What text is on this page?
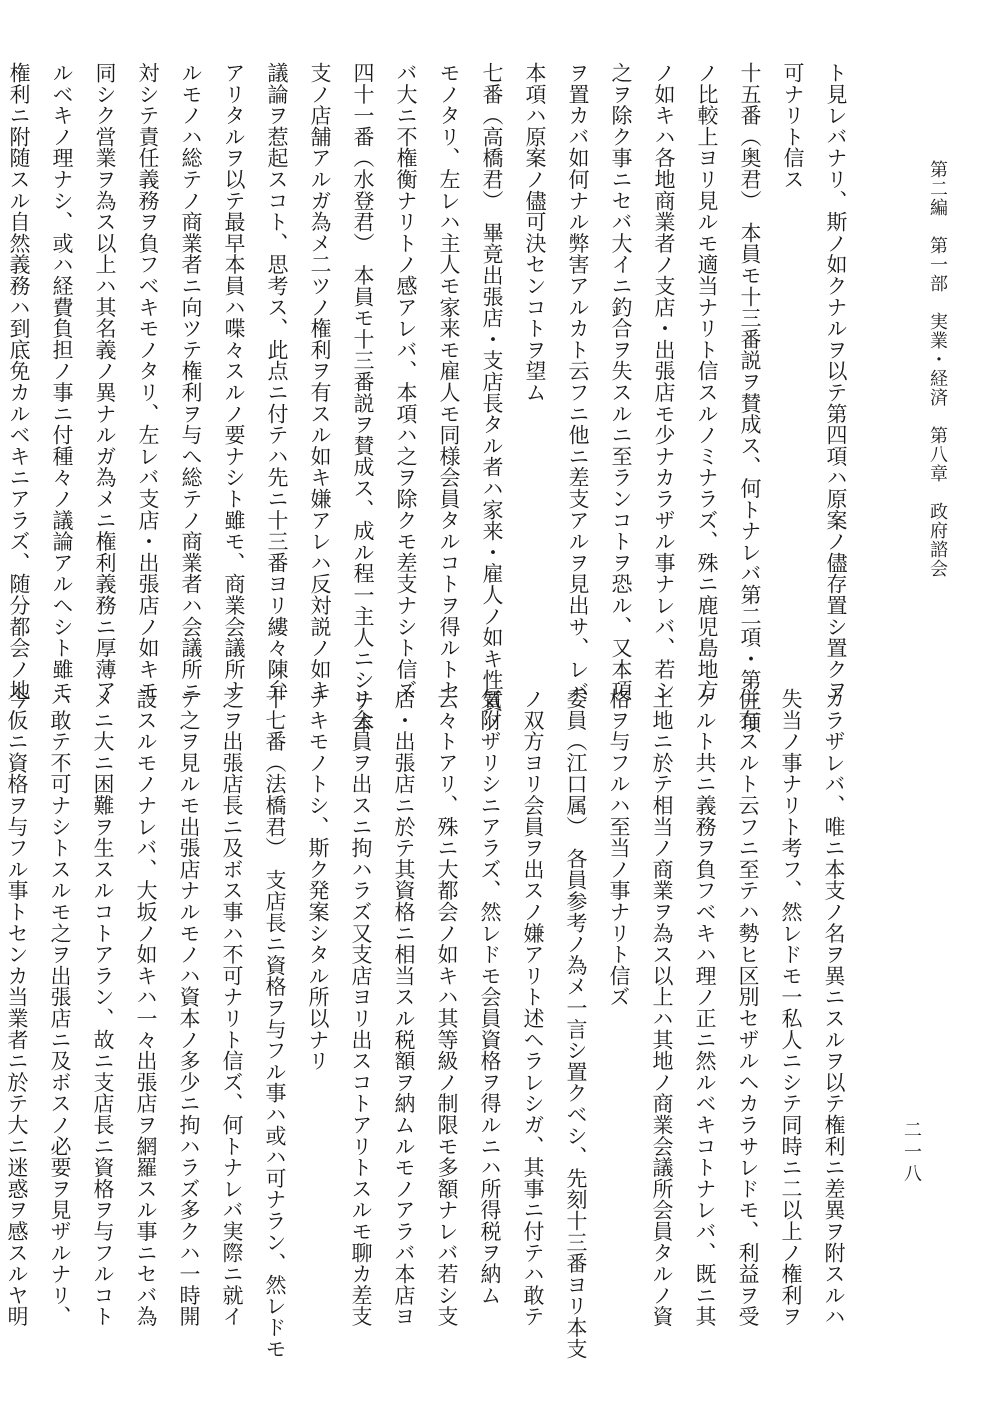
第二編　第一部　実業・経済　第八章　政府諮会
二一八
ト見レバナリ、斯ノ如クナルヲ以テ第四項ハ原案ノ儘存置シ置クヲ
可ナリト信ス
十五番（奥君）　本員モ十三番説ヲ賛成ス、何トナレバ第二項・第三項
ノ比較上ヨリ見ルモ適当ナリト信スルノミナラズ、殊ニ鹿児島地方
ノ如キハ各地商業者ノ支店・出張店モ少ナカラザル事ナレバ、若シ
之ヲ除ク事ニセバ大イニ釣合ヲ失スルニ至ランコトヲ恐ル、又本項
ヲ置カバ如何ナル弊害アルカト云フニ他ニ差支アルヲ見出サ、レバ
本項ハ原案ノ儘可決センコトヲ望ム
七番（高橋君）　畢竟出張店・支店長タル者ハ家来・雇人ノ如キ性質ノ
モノタリ、左レハ主人モ家来モ雇人モ同様会員タルコトヲ得ルトセ
バ大ニ不権衡ナリトノ感アレバ、本項ハ之ヲ除クモ差支ナシト信ズ
四十一番（水登君）　本員モ十三番説ヲ賛成ス、成ル程一主人ニシテ本
支ノ店舗アルガ為メ二ツノ権利ヲ有スル如キ嫌アレハ反対説ノ如キ
議論ヲ惹起スコト、思考ス、此点ニ付テハ先ニ十三番ヨリ縷々陳弁
アリタルヲ以テ最早本員ハ喋々スルノ要ナシト雖モ、商業会議所ナ
ルモノハ総テノ商業者ニ向ツテ権利ヲ与へ総テノ商業者ハ会議所ニ
対シテ責任義務ヲ負フベキモノタリ、左レバ支店・出張店ノ如キモ
同シク営業ヲ為ス以上ハ其名義ノ異ナルガ為メニ権利義務ニ厚薄ア
ルベキノ理ナシ、或ハ経費負担ノ事ニ付種々ノ議論アルヘシト雖モ
権利ニ附随スル自然義務ハ到底免カルベキニアラズ、随分都会ノ地
カラザレバ、唯ニ本支ノ名ヲ異ニスルヲ以テ権利ニ差異ヲ附スルハ
失当ノ事ナリト考フ、然レドモ一私人ニシテ同時ニ二以上ノ権利ヲ
併有スルト云フニ至テハ勢ヒ区別セザルヘカラサレドモ、利益ヲ受
ケルト共ニ義務ヲ負フベキハ理ノ正ニ然ルベキコトナレバ、既ニ其
土地ニ於テ相当ノ商業ヲ為ス以上ハ其地ノ商業会議所会員タルノ資
格ヲ与フルハ至当ノ事ナリト信ズ
委員（江口属）　各員参考ノ為メ一言シ置クベシ、先刻十三番ヨリ本支
ノ双方ヨリ会員ヲ出スノ嫌アリト述ヘラレシガ、其事ニ付テハ敢テ
気附ザリシニアラズ、然レドモ会員資格ヲ得ルニハ所得税ヲ納ム
云々トアリ、殊ニ大都会ノ如キハ其等級ノ制限モ多額ナレバ若シ支
店・出張店ニ於テ其資格ニ相当スル税額ヲ納ムルモノアラバ本店ヨ
リ会員ヲ出スニ拘ハラズ又支店ヨリ出スコトアリトスルモ聊カ差支
ナキモノトシ、斯ク発案シタル所以ナリ
十七番（法橋君）　支店長ニ資格ヲ与フル事ハ或ハ可ナラン、然レドモ
之ヲ出張店長ニ及ボス事ハ不可ナリト信ズ、何トナレバ実際ニ就イ
テ之ヲ見ルモ出張店ナルモノハ資本ノ多少ニ拘ハラズ多クハ一時開
設スルモノナレバ、大坂ノ如キハ一々出張店ヲ網羅スル事ニセバ為
メニ大ニ困難ヲ生スルコトアラン、故ニ支店長ニ資格ヲ与フルコト
ハ敢テ不可ナシトスルモ之ヲ出張店ニ及ボスノ必要ヲ見ザルナリ、
今仮ニ資格ヲ与フル事トセンカ当業者ニ於テ大ニ迷惑ヲ感スルヤ明
